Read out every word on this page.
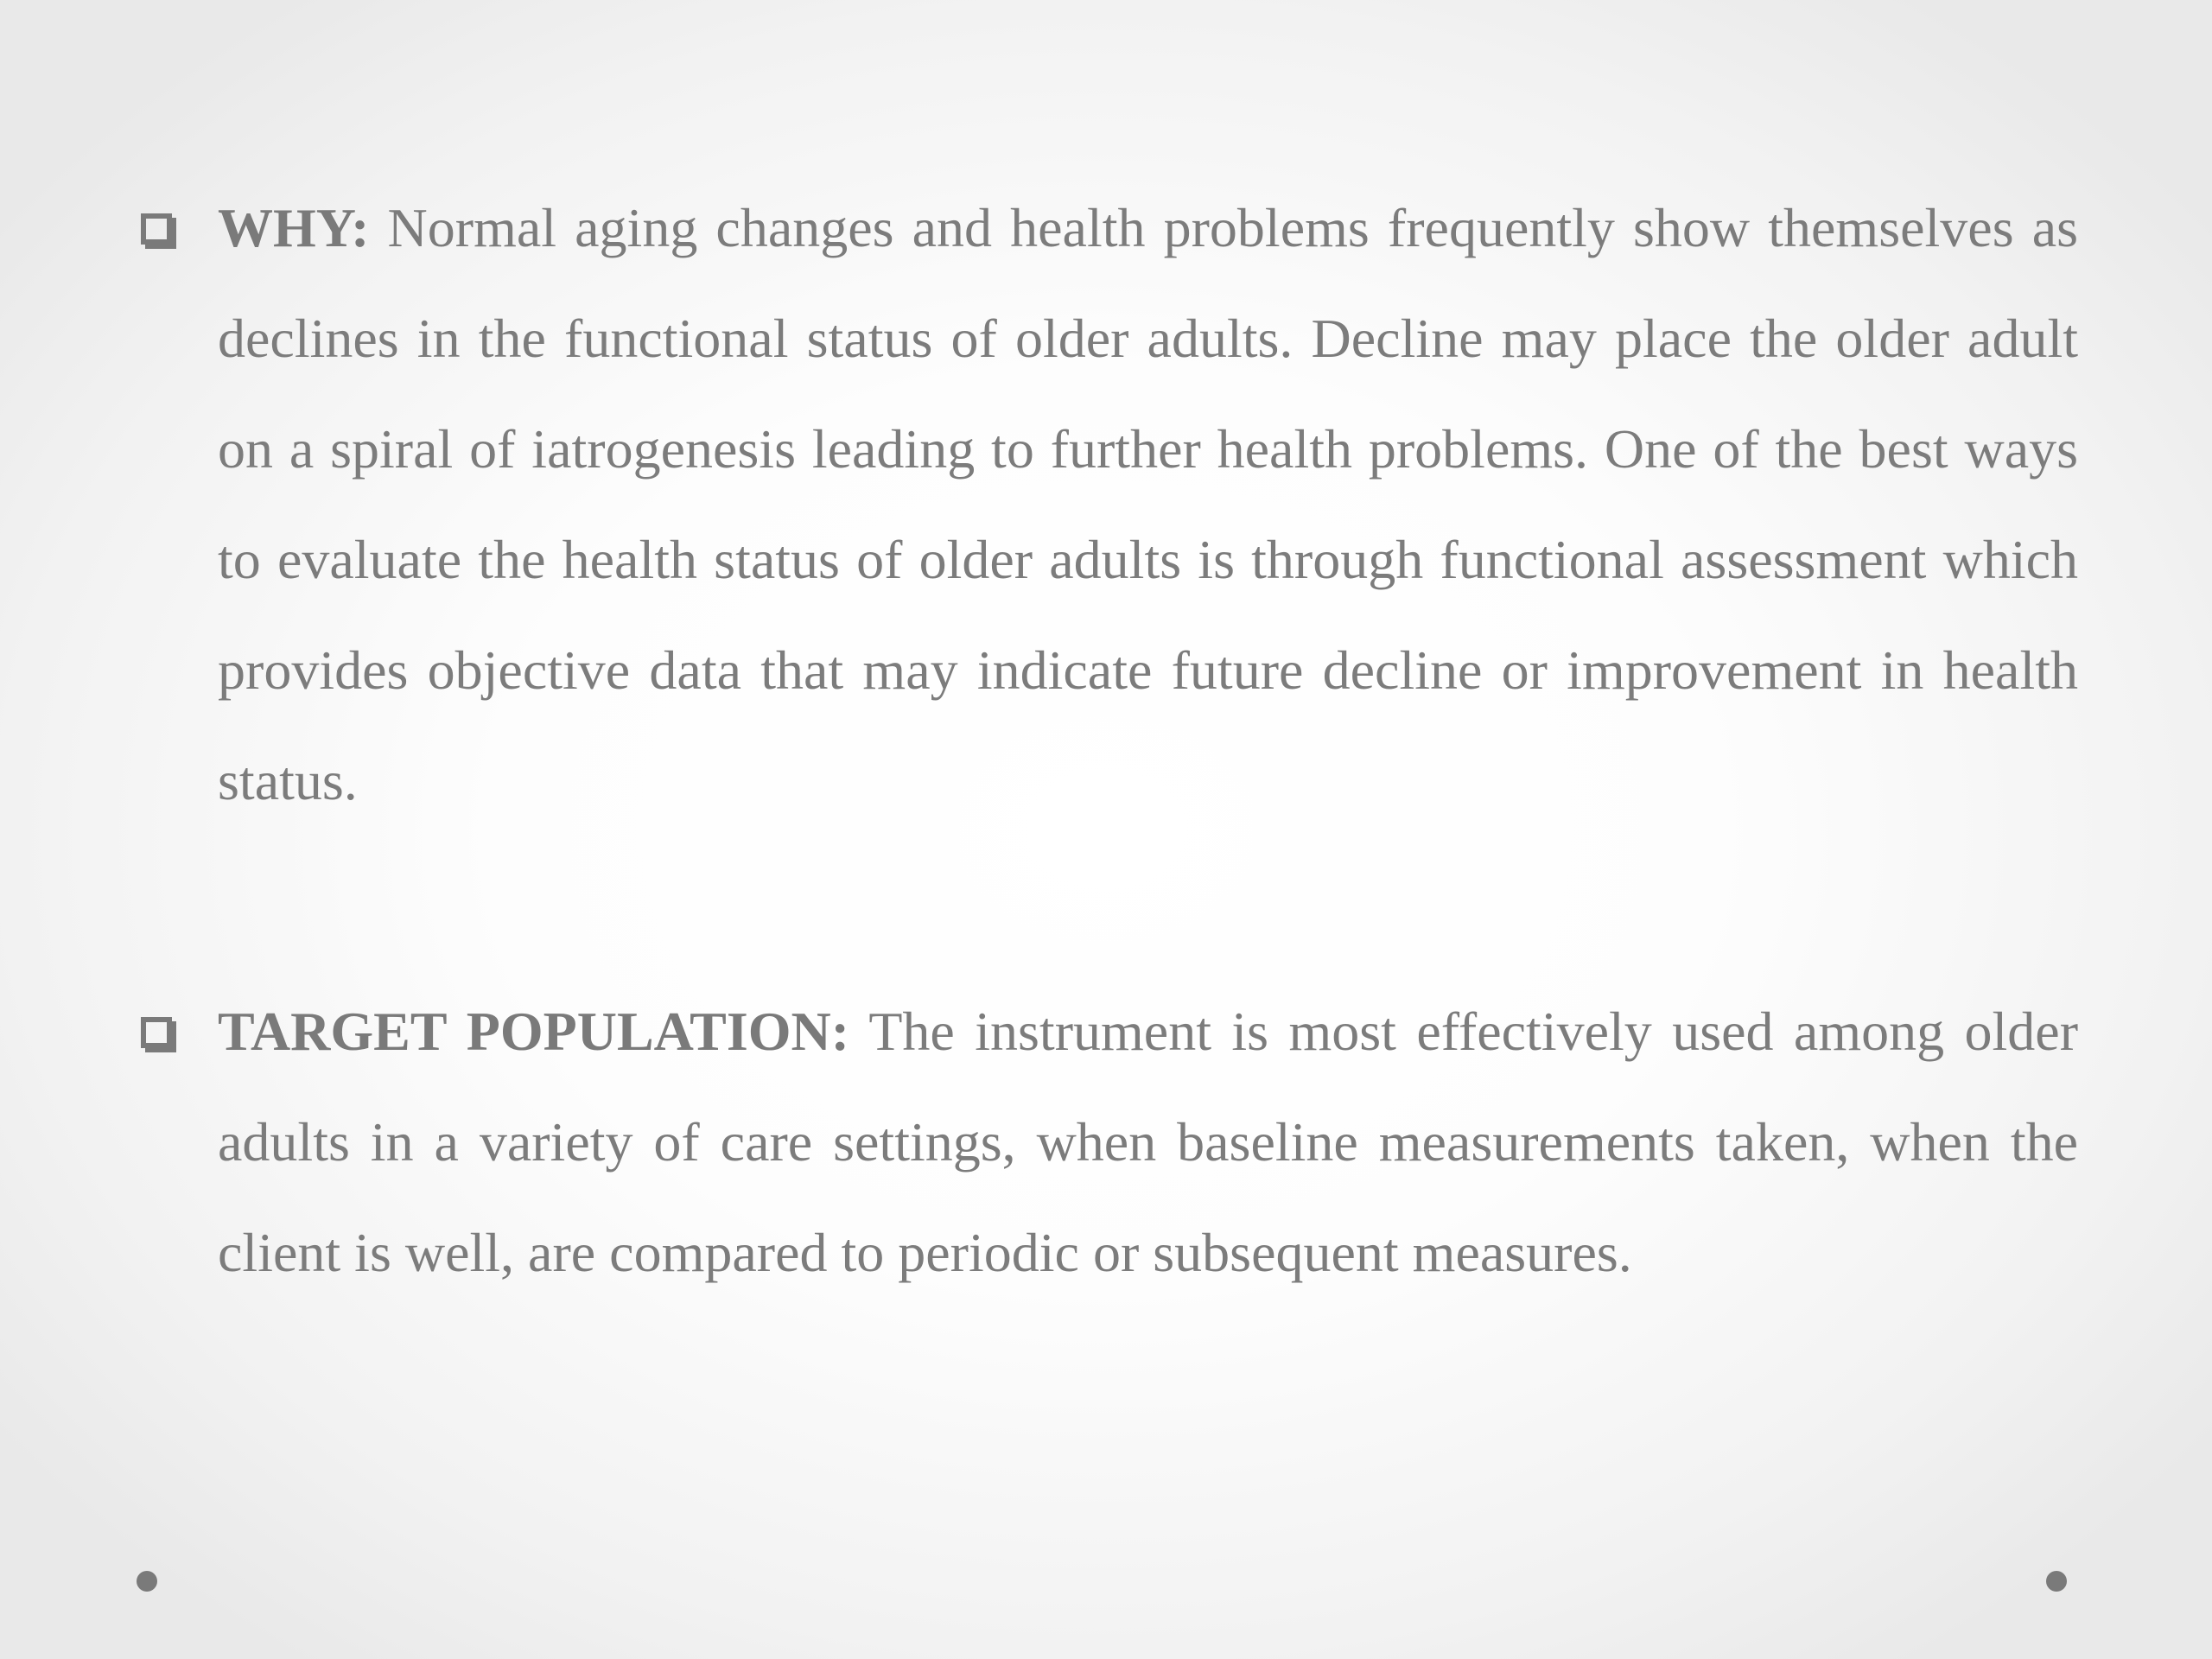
WHY: Normal aging changes and health problems frequently show themselves as declines in the functional status of older adults. Decline may place the older adult on a spiral of iatrogenesis leading to further health problems. One of the best ways to evaluate the health status of older adults is through functional assessment which provides objective data that may indicate future decline or improvement in health status.

TARGET POPULATION: The instrument is most effectively used among older adults in a variety of care settings, when baseline measurements taken, when the client is well, are compared to periodic or subsequent measures.
